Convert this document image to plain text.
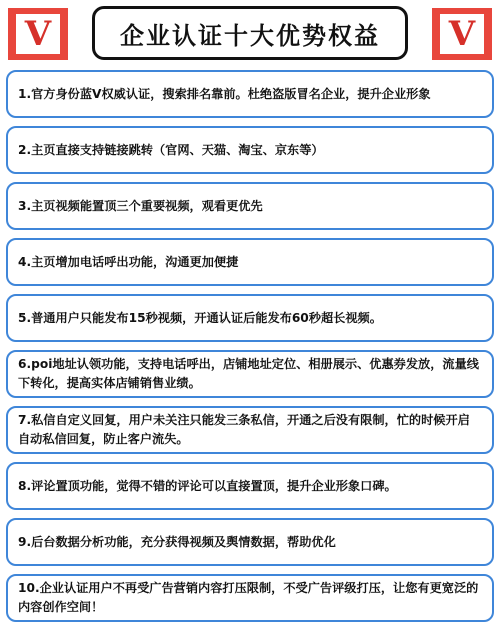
V	企业认证十大优势权益 V
1.官方身份蓝V权威认证，搜索排名靠前。杜绝盗版冒名企业，提升企业形象
2.主页直接支持链接跳转（官网、天猫、淘宝、京东等）
3.主页视频能置顶三个重要视频，观看更优先
4.主页增加电话呼出功能，沟通更加便捷
5.普通用户只能发布15秒视频，开通认证后能发布60秒超长视频。
6.poi地址认领功能，支持电话呼出，店铺地址定位、相册展示、优惠券发放，流量线下转化，提高实体店铺销售业绩。
7.私信自定义回复，用户未关注只能发三条私信，开通之后没有限制，忙的时候开启自动私信回复，防止客户流失。
8.评论置顶功能，觉得不错的评论可以直接置顶，提升企业形象口碑。
9.后台数据分析功能，充分获得视频及舆情数据，帮助优化
10.企业认证用户不再受广告营销内容打压限制，不受广告评级打压，让您有更宽泛的内容创作空间！
